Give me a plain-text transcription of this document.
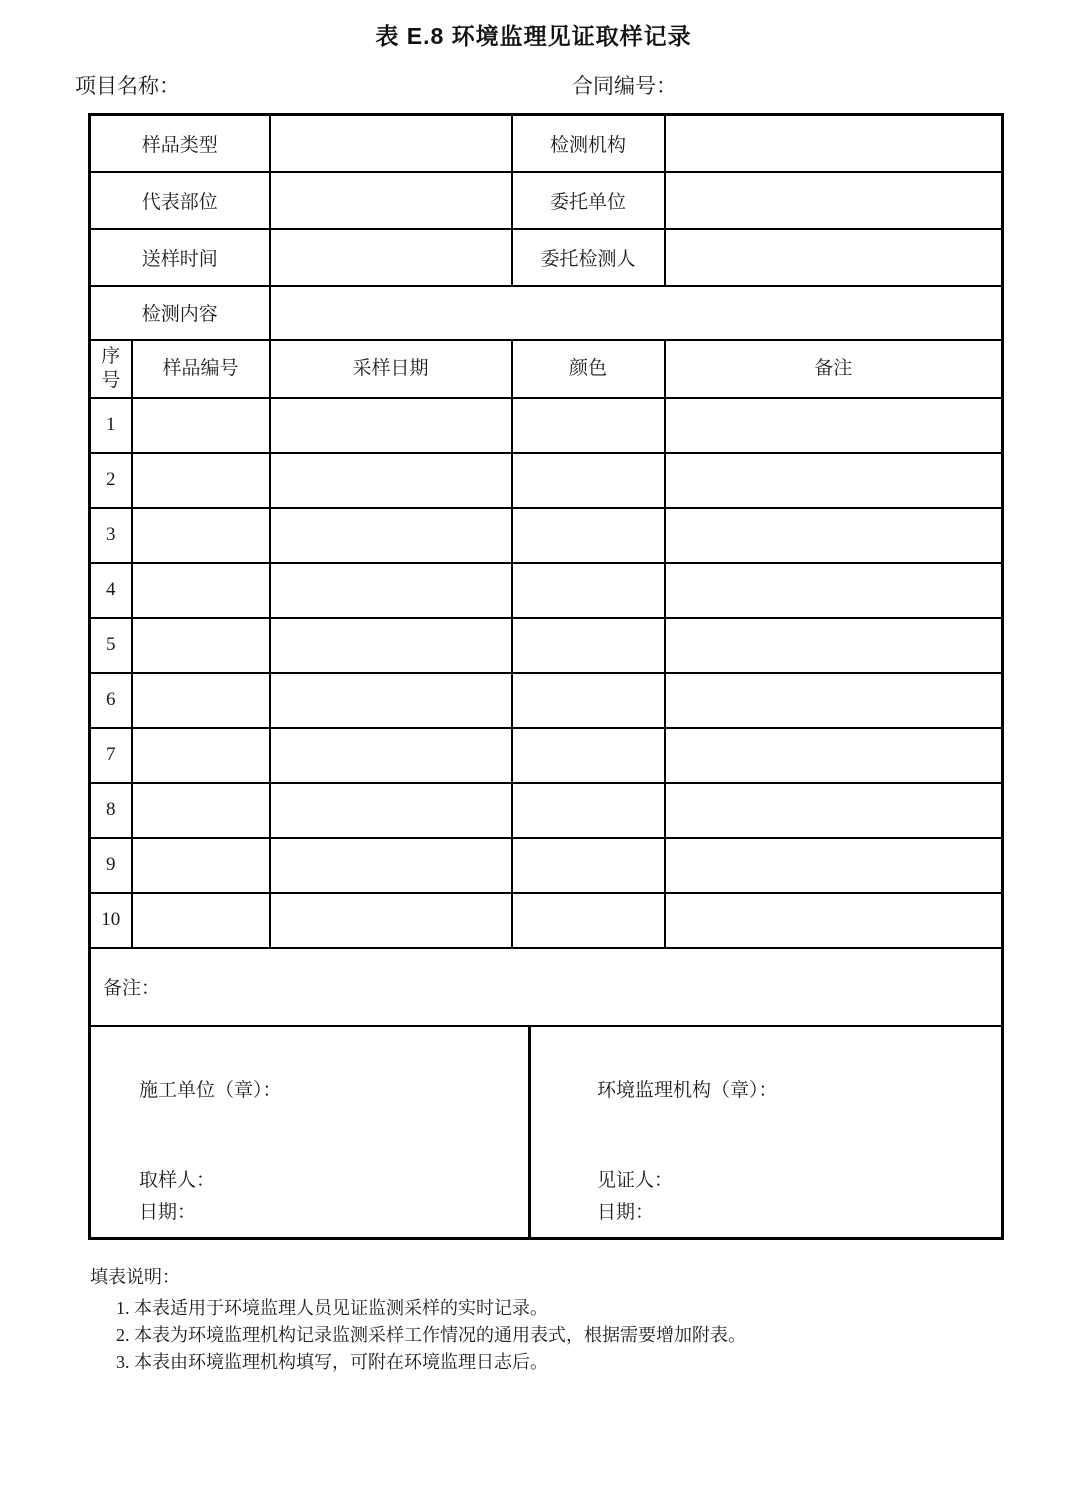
表 E.8 环境监理见证取样记录
项目名称：	合同编号：
样品类型			检测机构	
代表部位			委托单位	
送样时间			委托检测人	
检测内容				
序号	样品编号	采样日期	颜色	备注
1				
2				
3				
4				
5				
6				
7				
8				
9				
10				
备注：				

施工单位（章）：
取样人：
日期：
环境监理机构（章）：
见证人：
日期：
填表说明：
1. 本表适用于环境监理人员见证监测采样的实时记录。
2. 本表为环境监理机构记录监测采样工作情况的通用表式，根据需要增加附表。
3. 本表由环境监理机构填写，可附在环境监理日志后。
